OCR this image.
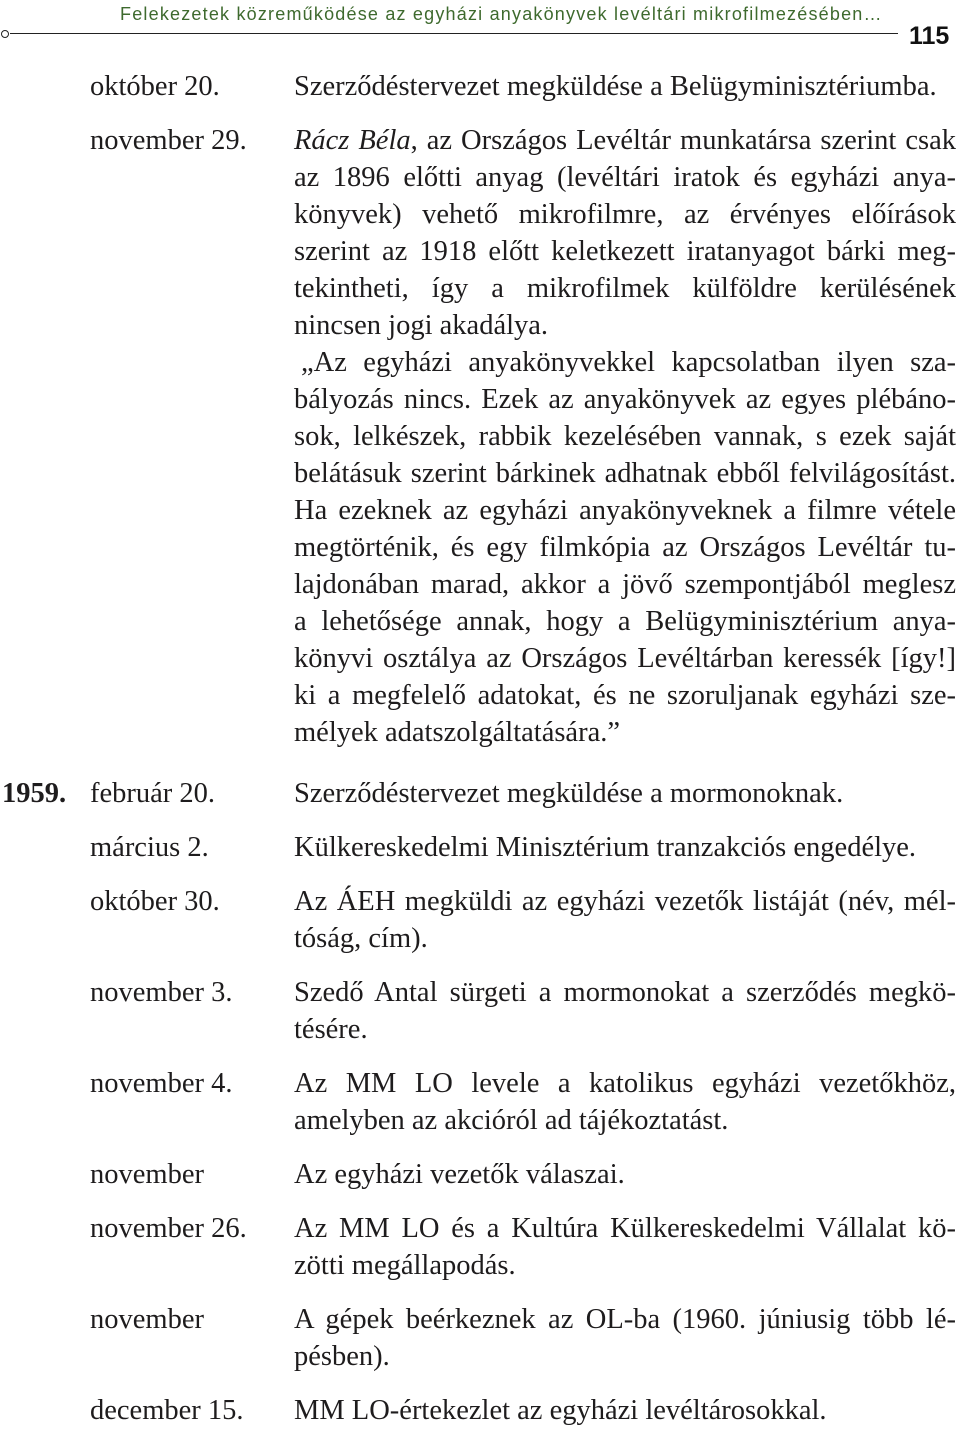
Felekezetek közreműködése az egyházi anyakönyvek levéltári mikrofilmezésében…
115
október 20.	Szerződéstervezet megküldése a Belügyminisztériumba.
november 29. Rácz Béla, az Országos Levéltár munkatársa szerint csak
az 1896 előtti anyag (levéltári iratok és egyházi anya-
könyvek) vehető mikrofilmre, az érvényes előírások
szerint az 1918 előtt keletkezett iratanyagot bárki meg-
tekintheti, így a mikrofilmek külföldre kerülésének
nincsen jogi akadálya.
„Az egyházi anyakönyvekkel kapcsolatban ilyen sza-
bályozás nincs. Ezek az anyakönyvek az egyes plébáno-
sok, lelkészek, rabbik kezelésében vannak, s ezek saját
belátásuk szerint bárkinek adhatnak ebből felvilágosítást.
Ha ezeknek az egyházi anyakönyveknek a filmre vétele
megtörténik, és egy filmkópia az Országos Levéltár tu-
lajdonában marad, akkor a jövő szempontjából meglesz
a lehetősége annak, hogy a Belügyminisztérium anya-
könyvi osztálya az Országos Levéltárban keressék [így!]
ki a megfelelő adatokat, és ne szoruljanak egyházi sze-
mélyek adatszolgáltatására.”
1959. február 20.	Szerződéstervezet megküldése a mormonoknak.
március 2.	Külkereskedelmi Minisztérium tranzakciós engedélye.
október 30.	Az ÁEH megküldi az egyházi vezetők listáját (név, mél-
tóság, cím).
november 3. Szedő Antal sürgeti a mormonokat a szerződés megkö-
tésére.
november 4. Az MM LO levele a katolikus egyházi vezetőkhöz,
amelyben az akcióról ad tájékoztatást.
november	Az egyházi vezetők válaszai.
november 26. Az MM LO és a Kultúra Külkereskedelmi Vállalat kö-
zötti megállapodás.
november	A gépek beérkeznek az OL-ba (1960. júniusig több lé-
pésben).
december 15. MM LO-értekezlet az egyházi levéltárosokkal.
